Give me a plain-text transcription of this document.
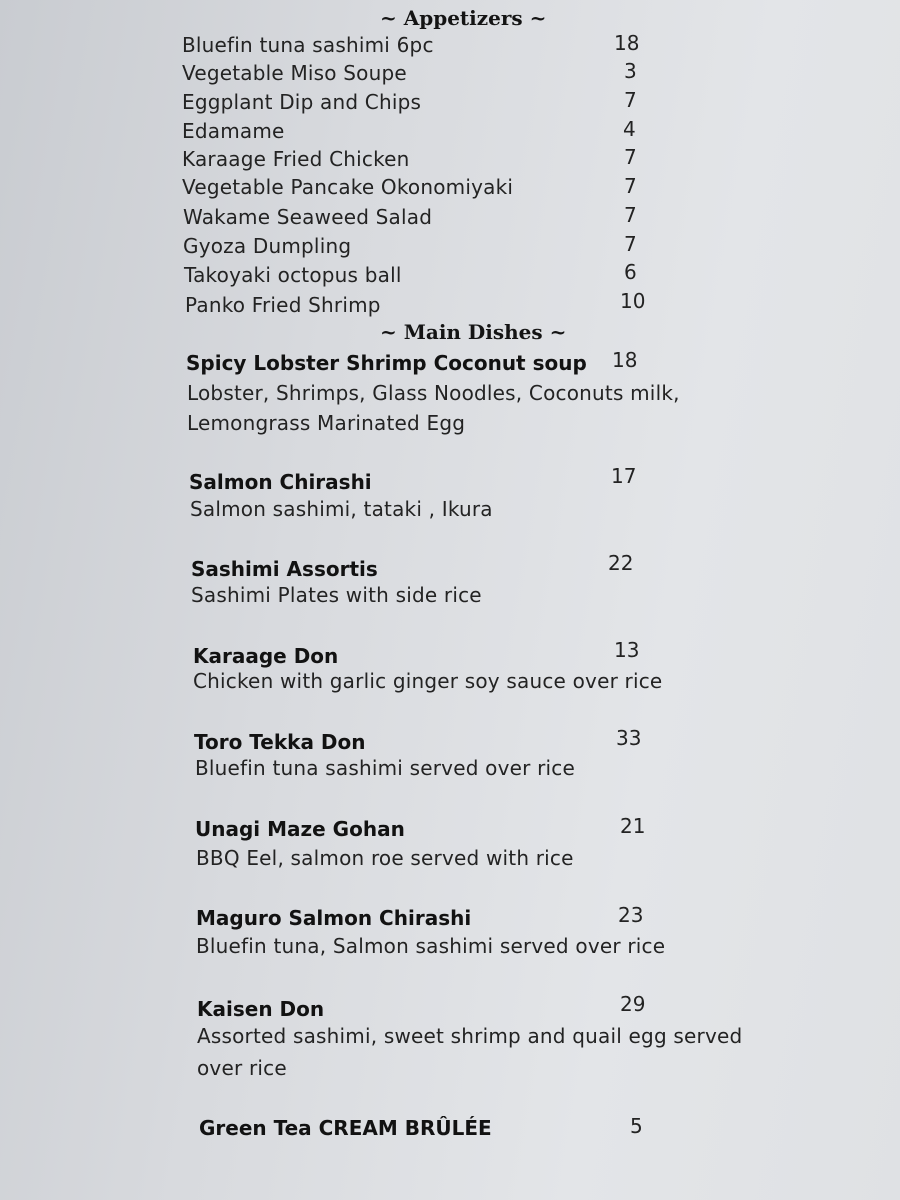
~ Appetizers ~
Bluefin tuna sashimi 6pc	18
Vegetable Miso Soupe	3
Eggplant Dip and Chips	7
Edamame	4
Karaage Fried Chicken	7
Vegetable Pancake Okonomiyaki	7
Wakame Seaweed Salad	7
Gyoza Dumpling	7
Takoyaki octopus ball	6
Panko Fried Shrimp	10
~ Main Dishes ~
Spicy Lobster Shrimp Coconut soup 18
Lobster, Shrimps, Glass Noodles, Coconuts milk,
Lemongrass Marinated Egg
Salmon Chirashi	17
Salmon sashimi, tataki , Ikura
Sashimi Assortis	22
Sashimi Plates with side rice
Karaage Don	13
Chicken with garlic ginger soy sauce over rice
Toro Tekka Don	33
Bluefin tuna sashimi served over rice
Unagi Maze Gohan	21
BBQ Eel, salmon roe served with rice
Maguro Salmon Chirashi	23
Bluefin tuna, Salmon sashimi served over rice
Kaisen Don	29
Assorted sashimi, sweet shrimp and quail egg served
over rice
Green Tea CREAM BRÛLÉE	5
